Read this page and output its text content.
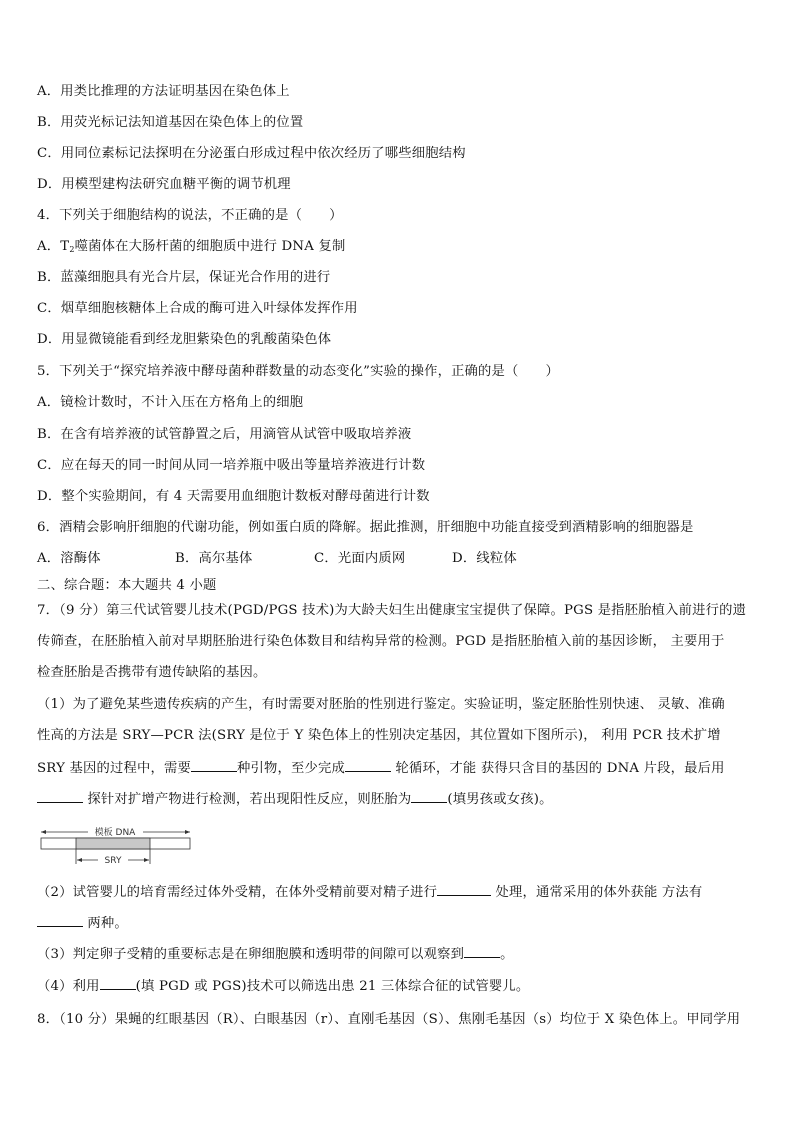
A．用类比推理的方法证明基因在染色体上
B．用荧光标记法知道基因在染色体上的位置
C．用同位素标记法探明在分泌蛋白形成过程中依次经历了哪些细胞结构
D．用模型建构法研究血糖平衡的调节机理
4．下列关于细胞结构的说法，不正确的是（　　）
A．$T_2$噬菌体在大肠杆菌的细胞质中进行 DNA 复制
B．蓝藻细胞具有光合片层，保证光合作用的进行
C．烟草细胞核糖体上合成的酶可进入叶绿体发挥作用
D．用显微镜能看到经龙胆紫染色的乳酸菌染色体
5．下列关于“探究培养液中酵母菌种群数量的动态变化”实验的操作，正确的是（　　）
A．镜检计数时，不计入压在方格角上的细胞
B．在含有培养液的试管静置之后，用滴管从试管中吸取培养液
C．应在每天的同一时间从同一培养瓶中吸出等量培养液进行计数
D．整个实验期间，有 4 天需要用血细胞计数板对酵母菌进行计数
6．酒精会影响肝细胞的代谢功能，例如蛋白质的降解。据此推测，肝细胞中功能直接受到酒精影响的细胞器是
A．溶酶体	B．高尔基体	C．光面内质网	D．线粒体
二、综合题：本大题共 4 小题
7．（9 分）第三代试管婴儿技术(PGD/PGS 技术)为大龄夫妇生出健康宝宝提供了保障。PGS 是指胚胎植入前进行的遗
传筛查，在胚胎植入前对早期胚胎进行染色体数目和结构异常的检测。PGD 是指胚胎植入前的基因诊断， 主要用于
检查胚胎是否携带有遗传缺陷的基因。
（1）为了避免某些遗传疾病的产生，有时需要对胚胎的性别进行鉴定。实验证明，鉴定胚胎性别快速、 灵敏、准确
性高的方法是 SRY—PCR 法(SRY 是位于 Y 染色体上的性别决定基因，其位置如下图所示)， 利用 PCR 技术扩增
SRY 基因的过程中，需要	种引物，至少完成	轮循环，才能 获得只含目的基因的 DNA 片段，最后用
探针对扩增产物进行检测，若出现阳性反应，则胚胎为	(填男孩或女孩)。
模板 DNA
SRY
（2）试管婴儿的培育需经过体外受精，在体外受精前要对精子进行	处理，通常采用的体外获能 方法有
两种。
（3）判定卵子受精的重要标志是在卵细胞膜和透明带的间隙可以观察到	。
（4）利用	(填 PGD 或 PGS)技术可以筛选出患 21 三体综合征的试管婴儿。
8．（10 分）果蝇的红眼基因（R）、白眼基因（r）、直刚毛基因（S）、焦刚毛基因（s）均位于 X 染色体上。甲同学用
